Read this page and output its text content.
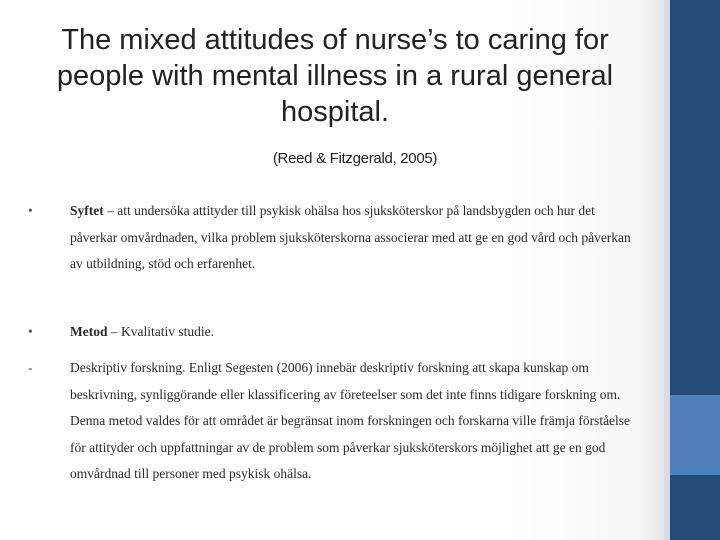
The mixed attitudes of nurse’s to caring for people with mental illness in a rural general hospital.
(Reed & Fitzgerald, 2005)
•	Syftet – att undersöka attityder till psykisk ohälsa hos sjuksköterskor på landsbygden och hur det påverkar omvårdnaden, vilka problem sjuksköterskorna associerar med att ge en god vård och påverkan av utbildning, stöd och erfarenhet.
•	Metod – Kvalitativ studie.
-	Deskriptiv forskning. Enligt Segesten (2006) innebär deskriptiv forskning att skapa kunskap om beskrivning, synliggörande eller klassificering av företeelser som det inte finns tidigare forskning om. Denna metod valdes för att området är begränsat inom forskningen och forskarna ville främja förståelse för attityder och uppfattningar av de problem som påverkar sjuksköterskors möjlighet att ge en god omvårdnad till personer med psykisk ohälsa.
